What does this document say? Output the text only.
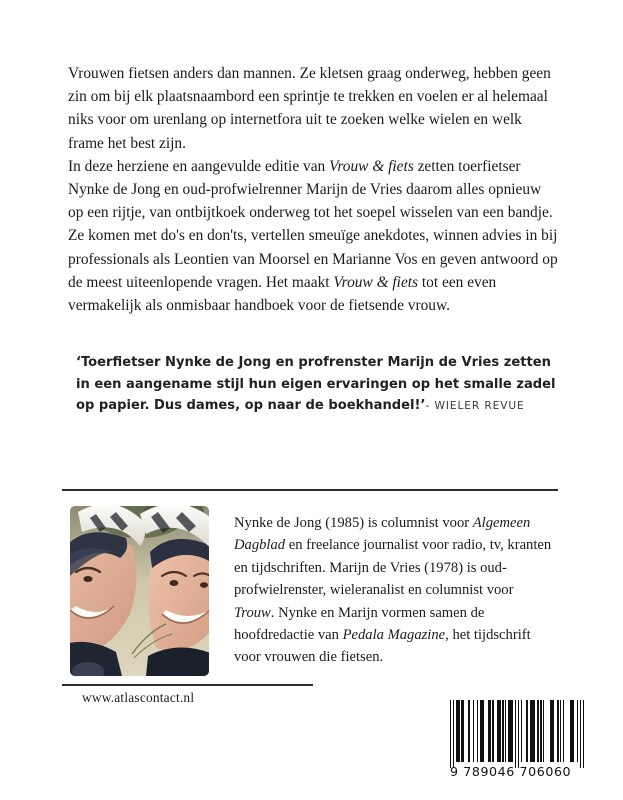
Vrouwen fietsen anders dan mannen. Ze kletsen graag onderweg, hebben geen zin om bij elk plaatsnaambord een sprintje te trekken en voelen er al helemaal niks voor om urenlang op internetfora uit te zoeken welke wielen en welk frame het best zijn.

In deze herziene en aangevulde editie van Vrouw & fiets zetten toerfietser Nynke de Jong en oud-profwielrenner Marijn de Vries daarom alles opnieuw op een rijtje, van ontbijtkoek onderweg tot het soepel wisselen van een bandje. Ze komen met do's en don'ts, vertellen smeuïge anekdotes, winnen advies in bij professionals als Leontien van Moorsel en Marianne Vos en geven antwoord op de meest uiteenlopende vragen. Het maakt Vrouw & fiets tot een even vermakelijk als onmisbaar handboek voor de fietsende vrouw.

‘Toerfietser Nynke de Jong en profrenster Marijn de Vries zetten in een aangename stijl hun eigen ervaringen op het smalle zadel op papier. Dus dames, op naar de boekhandel!’- WIELER REVUE

Nynke de Jong (1985) is columnist voor Algemeen Dagblad en freelance journalist voor radio, tv, kranten en tijdschriften. Marijn de Vries (1978) is oud-profwielrenster, wieleranalist en columnist voor Trouw. Nynke en Marijn vormen samen de hoofdredactie van Pedala Magazine, het tijdschrift voor vrouwen die fietsen.

www.atlascontact.nl
9 789046 706060
